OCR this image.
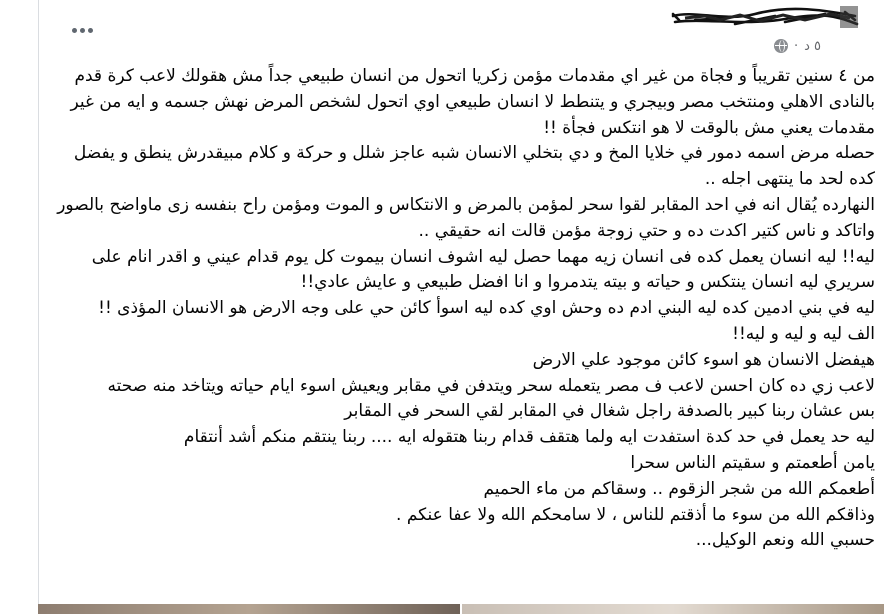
· ٥ د

من ٤ سنين تقريباً و فجاة من غير اي مقدمات مؤمن زكريا اتحول من انسان طبيعي جداً مش هقولك لاعب كرة قدم بالنادى الاهلي ومنتخب مصر وبيجري و يتنطط لا انسان طبيعي اوي اتحول لشخص المرض نهش جسمه و ايه من غير مقدمات يعني مش بالوقت لا هو انتكس فجأة !!

حصله مرض اسمه دمور في خلايا المخ و دي بتخلي الانسان شبه عاجز شلل و حركة و كلام مبيقدرش ينطق و يفضل كده لحد ما ينتهى اجله ..

النهارده يُقال انه في احد المقابر لقوا سحر لمؤمن بالمرض و الانتكاس و الموت ومؤمن راح بنفسه زى ماواضح بالصور واتاكد و ناس كتير اكدت ده و حتي زوجة مؤمن قالت انه حقيقي ..

ليه!! ليه انسان يعمل كده فى انسان زيه مهما حصل ليه اشوف انسان بيموت كل يوم قدام عيني و اقدر انام على سريري ليه انسان ينتكس و حياته و بيته يتدمروا و انا افضل طبيعي و عايش عادي!!

ليه في بني ادمين كده ليه البني ادم ده وحش اوي كده ليه اسوأ كائن حي على وجه الارض هو الانسان المؤذى !!

الف ليه و ليه و ليه!!

هيفضل الانسان هو اسوء كائن موجود علي الارض

لاعب زي ده كان احسن لاعب ف مصر يتعمله سحر ويتدفن في مقابر ويعيش اسوء ايام حياته ويتاخد منه صحته

بس عشان ربنا كبير بالصدفة راجل شغال في المقابر لقي السحر في المقابر

ليه حد يعمل في حد كدة استفدت ايه ولما هتقف قدام ربنا هتقوله ايه .... ربنا ينتقم منكم أشد أنتقام

يامن أطعمتم و سقيتم الناس سحرا

أطعمكم الله من شجر الزقوم .. وسقاكم من ماء الحميم

وذاقكم الله من سوء ما أذقتم للناس ، لا سامحكم الله ولا عفا عنكم .

حسبي الله ونعم الوكيل...
